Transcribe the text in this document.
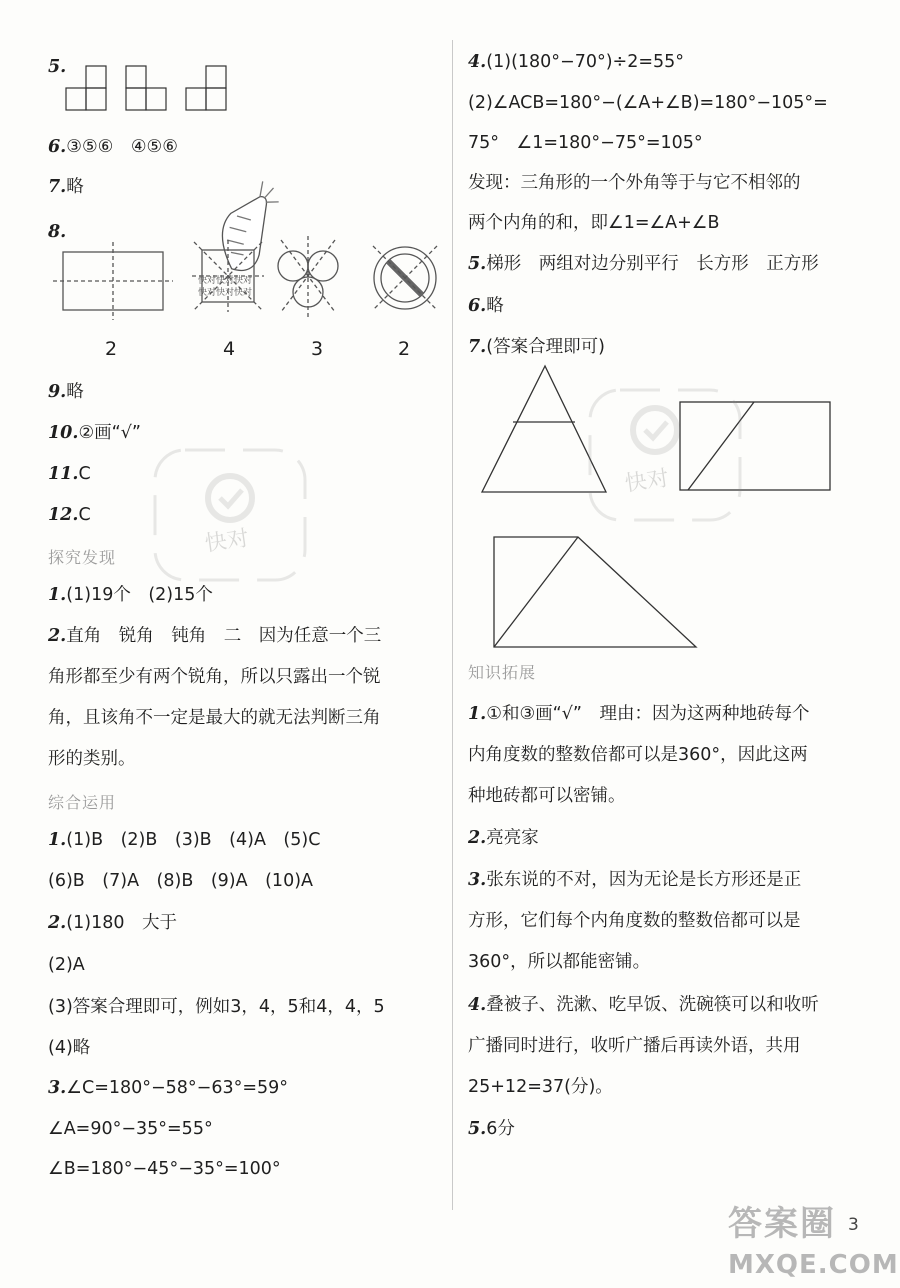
5.
6.③⑤⑥　④⑤⑥
7.略
8.
快对快对快对
快对快对快对
2	4	3	2
9.略
10.②画“√”
11.C
12.C
探究发现
1.(1)19个　(2)15个
2.直角　锐角　钝角　二　因为任意一个三
角形都至少有两个锐角，所以只露出一个锐
角，且该角不一定是最大的就无法判断三角
形的类别。
综合运用
1.(1)B　(2)B　(3)B　(4)A　(5)C
(6)B　(7)A　(8)B　(9)A　(10)A
2.(1)180　大于
(2)A
(3)答案合理即可，例如3，4，5和4，4，5
(4)略
3.∠C=180°−58°−63°=59°
∠A=90°−35°=55°
∠B=180°−45°−35°=100°
4.(1)(180°−70°)÷2=55°
(2)∠ACB=180°−(∠A+∠B)=180°−105°=
75°　∠1=180°−75°=105°
发现：三角形的一个外角等于与它不相邻的
两个内角的和，即∠1=∠A+∠B
5.梯形　两组对边分别平行　长方形　正方形
6.略
7.(答案合理即可)
知识拓展
1.①和③画“√”　理由：因为这两种地砖每个
内角度数的整数倍都可以是360°，因此这两
种地砖都可以密铺。
2.亮亮家
3.张东说的不对，因为无论是长方形还是正
方形，它们每个内角度数的整数倍都可以是
360°，所以都能密铺。
4.叠被子、洗漱、吃早饭、洗碗筷可以和收听
广播同时进行，收听广播后再读外语，共用
25+12=37(分)。
5.6分
快对
快对
答案圈 3
MXQE.COM
